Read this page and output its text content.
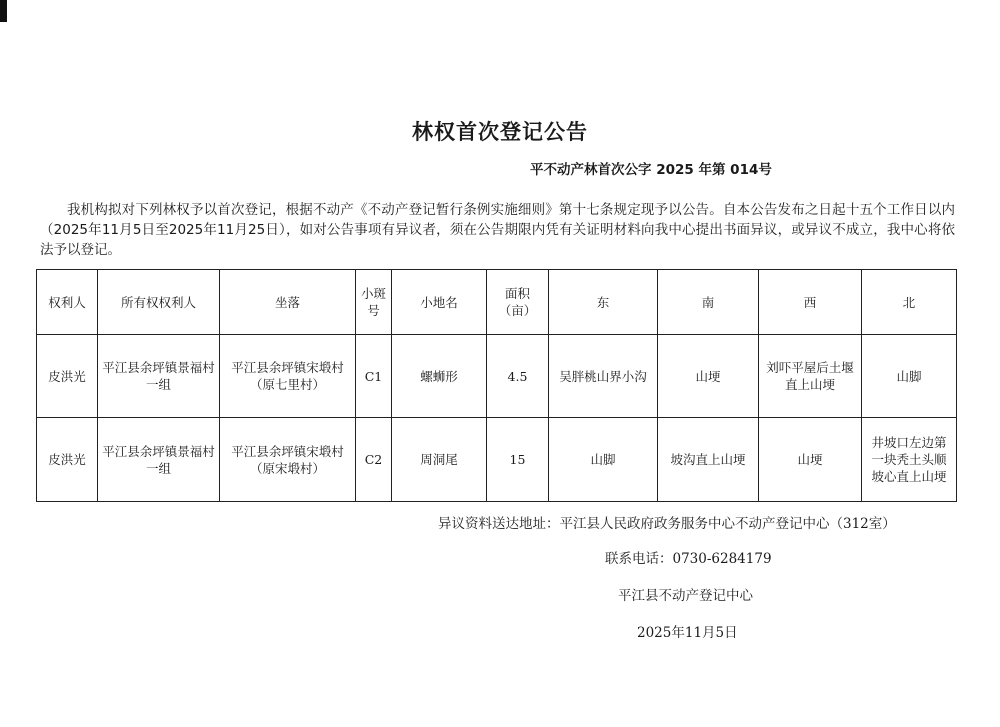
林权首次登记公告
平不动产林首次公字 2025 年第 014号
我机构拟对下列林权予以首次登记，根据不动产《不动产登记暂行条例实施细则》第十七条规定现予以公告。自本公告发布之日起十五个工作日以内（2025年11月5日至2025年11月25日），如对公告事项有异议者，须在公告期限内凭有关证明材料向我中心提出书面异议，或异议不成立，我中心将依法予以登记。
权利人	所有权权利人	坐落	小斑号	小地名	面积（亩）	东	南	西	北
皮洪光	平江县余坪镇景福村一组	平江县余坪镇宋塅村（原七里村）	C1	螺蛳形	4.5	吴胖桃山界小沟	山埂	刘吓平屋后土堰直上山埂	山脚
皮洪光	平江县余坪镇景福村一组	平江县余坪镇宋塅村（原宋塅村）	C2	周洞尾	15	山脚	坡沟直上山埂	山埂	井坡口左边第一块秃土头顺坡心直上山埂
异议资料送达地址：平江县人民政府政务服务中心不动产登记中心（312室）
联系电话：0730-6284179
平江县不动产登记中心
2025年11月5日
